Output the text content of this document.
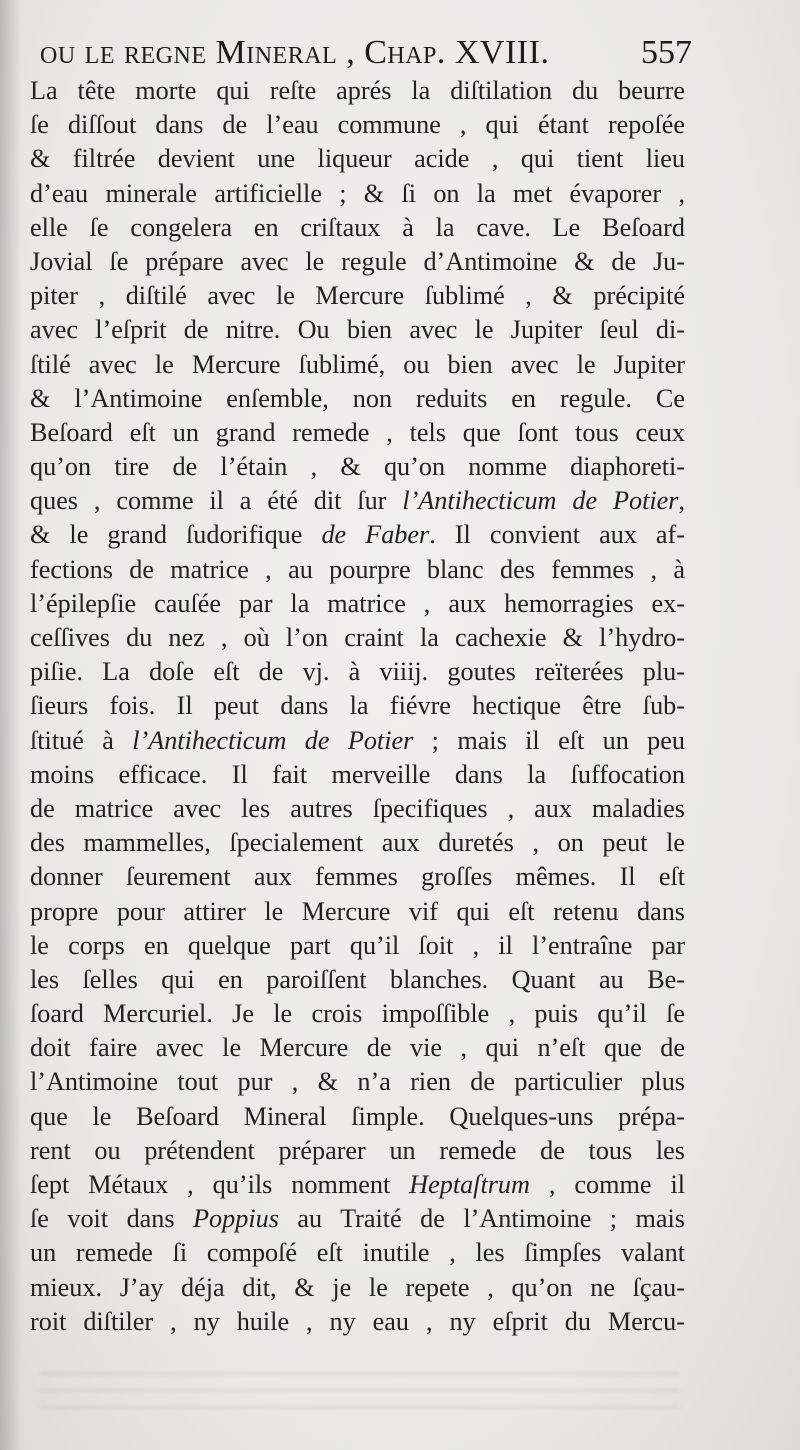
ou le regne Mineral , Chap. XVIII.	557
La tête morte qui reſte aprés la diſtilation du beurre
ſe diſſout dans de l’eau commune , qui étant repoſée
& filtrée devient une liqueur acide , qui tient lieu
d’eau minerale artificielle ; & ſi on la met évaporer ,
elle ſe congelera en criſtaux à la cave. Le Beſoard
Jovial ſe prépare avec le regule d’Antimoine & de Ju-
piter , diſtilé avec le Mercure ſublimé , & précipité
avec l’eſprit de nitre. Ou bien avec le Jupiter ſeul di-
ſtilé avec le Mercure ſublimé, ou bien avec le Jupiter
& l’Antimoine enſemble, non reduits en regule. Ce
Beſoard eſt un grand remede , tels que ſont tous ceux
qu’on tire de l’étain , & qu’on nomme diaphoreti-
ques , comme il a été dit ſur l’Antihecticum de Potier,
& le grand ſudorifique de Faber. Il convient aux af-
fections de matrice , au pourpre blanc des femmes , à
l’épilepſie cauſée par la matrice , aux hemorragies ex-
ceſſives du nez , où l’on craint la cachexie & l’hydro-
piſie. La doſe eſt de vj. à viiij. goutes reïterées plu-
ſieurs fois. Il peut dans la fiévre hectique être ſub-
ſtitué à l’Antihecticum de Potier ; mais il eſt un peu
moins efficace. Il fait merveille dans la ſuffocation
de matrice avec les autres ſpecifiques , aux maladies
des mammelles, ſpecialement aux duretés , on peut le
donner ſeurement aux femmes groſſes mêmes. Il eſt
propre pour attirer le Mercure vif qui eſt retenu dans
le corps en quelque part qu’il ſoit , il l’entraîne par
les ſelles qui en paroiſſent blanches. Quant au Be-
ſoard Mercuriel. Je le crois impoſſible , puis qu’il ſe
doit faire avec le Mercure de vie , qui n’eſt que de
l’Antimoine tout pur , & n’a rien de particulier plus
que le Beſoard Mineral ſimple. Quelques-uns prépa-
rent ou prétendent préparer un remede de tous les
ſept Métaux , qu’ils nomment Heptaſtrum , comme il
ſe voit dans Poppius au Traité de l’Antimoine ; mais
un remede ſi compoſé eſt inutile , les ſimpſes valant
mieux. J’ay déja dit, & je le repete , qu’on ne ſçau-
roit diſtiler , ny huile , ny eau , ny eſprit du Mercu-
